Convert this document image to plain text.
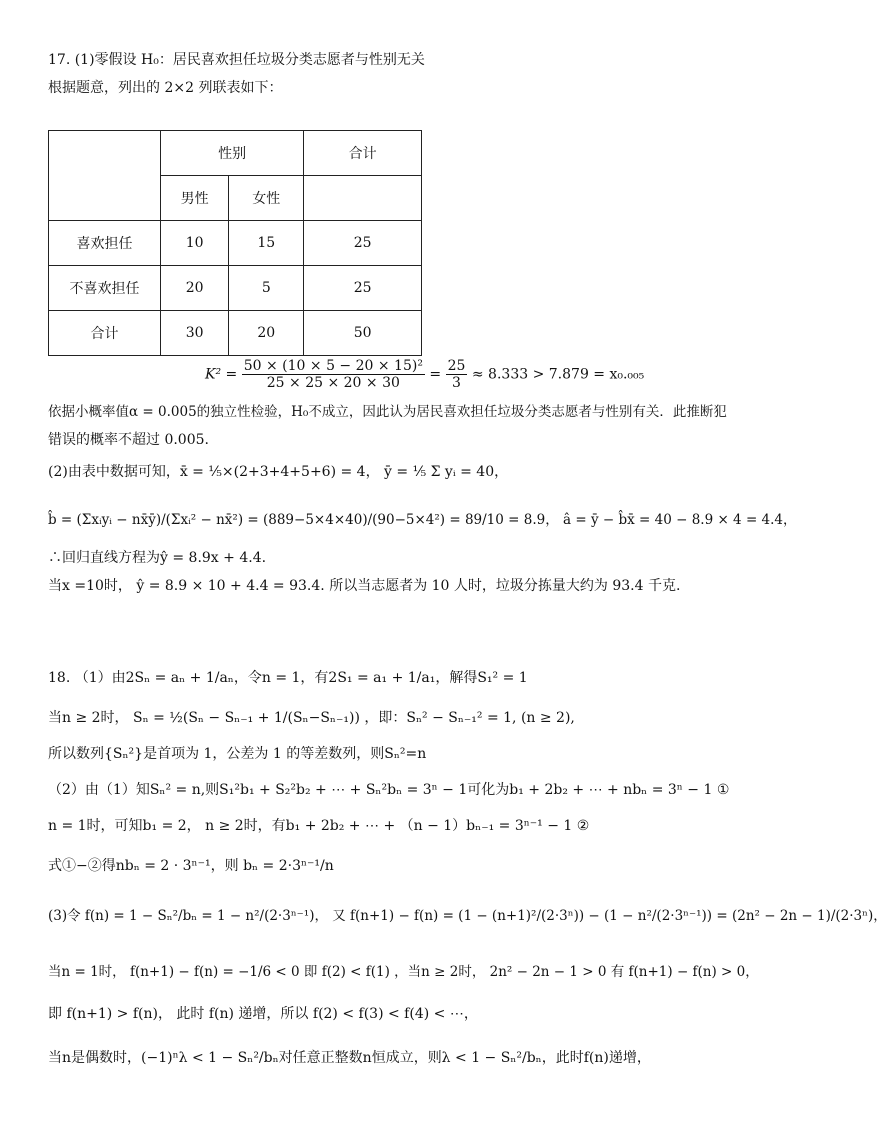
17. (1)零假设 H₀：居民喜欢担任垃圾分类志愿者与性别无关
根据题意，列出的 2×2 列联表如下：
	性别		合计
	男性	女性	
喜欢担任	10	15	25
不喜欢担任	20	5	25
合计	30	20	50
$K^2 = \frac{\text{50 × (10 × 5 − 20 × 15)²}}{25 \times 25 \times 20 \times 30} = \frac{25}{3} \approx 8.333 > 7.879 = x_0._{005}$
依据小概率值α = 0.005的独立性检验，H₀不成立，因此认为居民喜欢担任垃圾分类志愿者与性别有关．此推断犯
错误的概率不超过 0.005.
(2)由表中数据可知，x̄ = ⅕×(2+3+4+5+6) = 4， ȳ = ⅕ Σ yᵢ = 40，
b̂ = (Σxᵢyᵢ − nx̄ȳ)/(Σxᵢ² − nx̄²) = (889−5×4×40)/(90−5×4²) = 89/10 = 8.9， â = ȳ − b̂x̄ = 40 − 8.9 × 4 = 4.4，
∴回归直线方程为ŷ = 8.9x + 4.4.
当x =10时， ŷ = 8.9 × 10 + 4.4 = 93.4. 所以当志愿者为 10 人时，垃圾分拣量大约为 93.4 千克.
18. （1）由2Sₙ = aₙ + 1/aₙ，令n = 1，有2S₁ = a₁ + 1/a₁，解得S₁² = 1
当n ≥ 2时， Sₙ = ½(Sₙ − Sₙ₋₁ + 1/(Sₙ−Sₙ₋₁)) ，即：Sₙ² − Sₙ₋₁² = 1, (n ≥ 2),
所以数列{Sₙ²}是首项为 1，公差为 1 的等差数列，则Sₙ²=n
（2）由（1）知Sₙ² = n,则S₁²b₁ + S₂²b₂ + ⋯ + Sₙ²bₙ = 3ⁿ − 1可化为b₁ + 2b₂ + ⋯ + nbₙ = 3ⁿ − 1 ①
n = 1时，可知b₁ = 2， n ≥ 2时，有b₁ + 2b₂ + ⋯ + （n − 1）bₙ₋₁ = 3ⁿ⁻¹ − 1 ②
式①−②得nbₙ = 2 · 3ⁿ⁻¹，则 bₙ = 2·3ⁿ⁻¹/n
(3)令 f(n) = 1 − Sₙ²/bₙ = 1 − n²/(2·3ⁿ⁻¹)， 又 f(n+1) − f(n) = (1 − (n+1)²/(2·3ⁿ)) − (1 − n²/(2·3ⁿ⁻¹)) = (2n² − 2n − 1)/(2·3ⁿ)，
当n = 1时， f(n+1) − f(n) = −1/6 < 0 即 f(2) < f(1) ，当n ≥ 2时， 2n² − 2n − 1 > 0 有 f(n+1) − f(n) > 0，
即 f(n+1) > f(n)， 此时 f(n) 递增，所以 f(2) < f(3) < f(4) < ⋯，
当n是偶数时，(−1)ⁿλ < 1 − Sₙ²/bₙ对任意正整数n恒成立，则λ < 1 − Sₙ²/bₙ，此时f(n)递增，
